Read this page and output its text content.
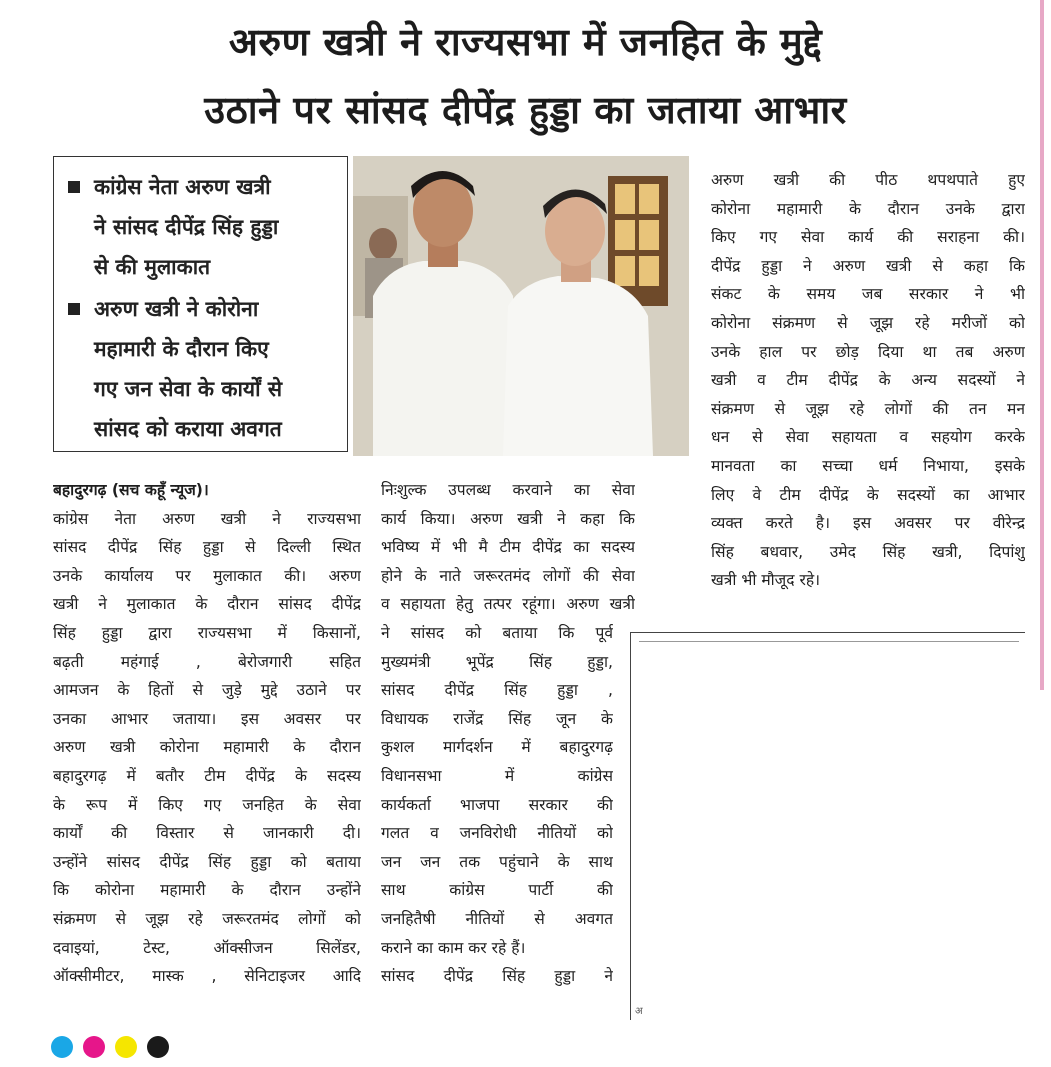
अरुण खत्री ने राज्यसभा में जनहित के मुद्दे
उठाने पर सांसद दीपेंद्र हुड्डा का जताया आभार
कांग्रेस नेता अरुण खत्री
ने सांसद दीपेंद्र सिंह हुड्डा
से की मुलाकात
अरुण खत्री ने कोरोना
महामारी के दौरान किए
गए जन सेवा के कार्यों से
सांसद को कराया अवगत
बहादुरगढ़ (सच कहूँ न्यूज)।
कांग्रेस नेता अरुण खत्री ने राज्यसभा
सांसद दीपेंद्र सिंह हुड्डा से दिल्ली स्थित
उनके कार्यालय पर मुलाकात की। अरुण
खत्री ने मुलाकात के दौरान सांसद दीपेंद्र
सिंह हुड्डा द्वारा राज्यसभा में किसानों,
बढ़ती महंगाई , बेरोजगारी सहित
आमजन के हितों से जुड़े मुद्दे उठाने पर
उनका आभार जताया। इस अवसर पर
अरुण खत्री कोरोना महामारी के दौरान
बहादुरगढ़ में बतौर टीम दीपेंद्र के सदस्य
के रूप में किए गए जनहित के सेवा
कार्यों की विस्तार से जानकारी दी।
उन्होंने सांसद दीपेंद्र सिंह हुड्डा को बताया
कि कोरोना महामारी के दौरान उन्होंने
संक्रमण से जूझ रहे जरूरतमंद लोगों को
दवाइयां, टेस्ट, ऑक्सीजन सिलेंडर,
ऑक्सीमीटर, मास्क , सेनिटाइजर आदि
निःशुल्क उपलब्ध करवाने का सेवा
कार्य किया। अरुण खत्री ने कहा कि
भविष्य में भी मै टीम दीपेंद्र का सदस्य
होने के नाते जरूरतमंद लोगों की सेवा
व सहायता हेतु तत्पर रहूंगा। अरुण खत्री
ने सांसद को बताया कि पूर्व
मुख्यमंत्री भूपेंद्र सिंह हुड्डा,
सांसद दीपेंद्र सिंह हुड्डा ,
विधायक राजेंद्र सिंह जून के
कुशल मार्गदर्शन में बहादुरगढ़
विधानसभा में कांग्रेस
कार्यकर्ता भाजपा सरकार की
गलत व जनविरोधी नीतियों को
जन जन तक पहुंचाने के साथ
साथ कांग्रेस पार्टी की
जनहितैषी नीतियों से अवगत
कराने का काम कर रहे हैं।
सांसद दीपेंद्र सिंह हुड्डा ने
अरुण खत्री की पीठ थपथपाते हुए
कोरोना महामारी के दौरान उनके द्वारा
किए गए सेवा कार्य की सराहना की।
दीपेंद्र हुड्डा ने अरुण खत्री से कहा कि
संकट के समय जब सरकार ने भी
कोरोना संक्रमण से जूझ रहे मरीजों को
उनके हाल पर छोड़ दिया था तब अरुण
खत्री व टीम दीपेंद्र के अन्य सदस्यों ने
संक्रमण से जूझ रहे लोगों की तन मन
धन से सेवा सहायता व सहयोग करके
मानवता का सच्चा धर्म निभाया, इसके
लिए वे टीम दीपेंद्र के सदस्यों का आभार
व्यक्त करते है। इस अवसर पर वीरेन्द्र
सिंह बधवार, उमेद सिंह खत्री, दिपांशु
खत्री भी मौजूद रहे।
अ
